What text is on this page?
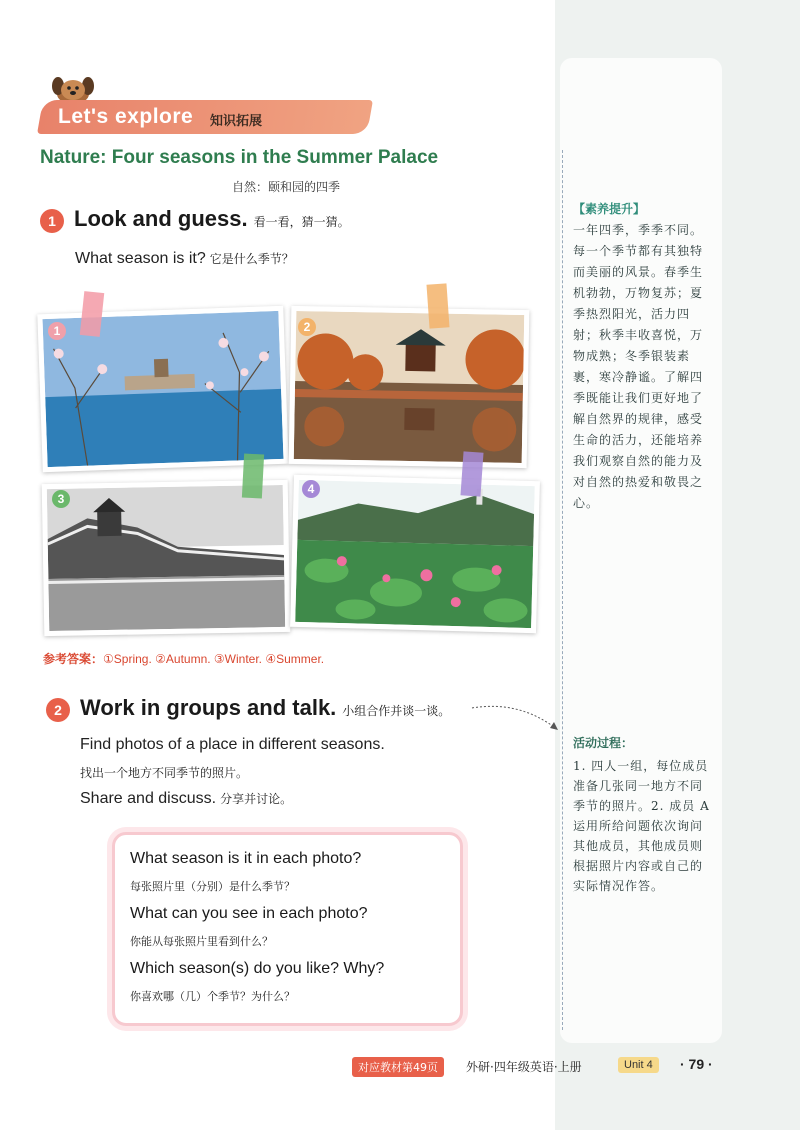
Let's explore 知识拓展
Nature: Four seasons in the Summer Palace
自然：颐和园的四季
1 Look and guess. 看一看，猜一猜。
What season is it? 它是什么季节？
1	2
3
4
参考答案：①Spring. ②Autumn. ③Winter. ④Summer.
2 Work in groups and talk. 小组合作并谈一谈。
Find photos of a place in different seasons.
找出一个地方不同季节的照片。
Share and discuss. 分享并讨论。
What season is it in each photo?
每张照片里（分别）是什么季节？
What can you see in each photo?
你能从每张照片里看到什么？
Which season(s) do you like? Why?
你喜欢哪（几）个季节？为什么？
【素养提升】
一年四季，季季不同。每一个季节都有其独特而美丽的风景。春季生机勃勃，万物复苏；夏季热烈阳光，活力四射；秋季丰收喜悦，万物成熟；冬季银装素裹，寒冷静谧。了解四季既能让我们更好地了解自然界的规律，感受生命的活力，还能培养我们观察自然的能力及对自然的热爱和敬畏之心。
活动过程：
1. 四人一组，每位成员准备几张同一地方不同季节的照片。2. 成员 A 运用所给问题依次询问其他成员，其他成员则根据照片内容或自己的实际情况作答。
对应教材第49页	外研·四年级英语·上册	Unit 4	· 79 ·
